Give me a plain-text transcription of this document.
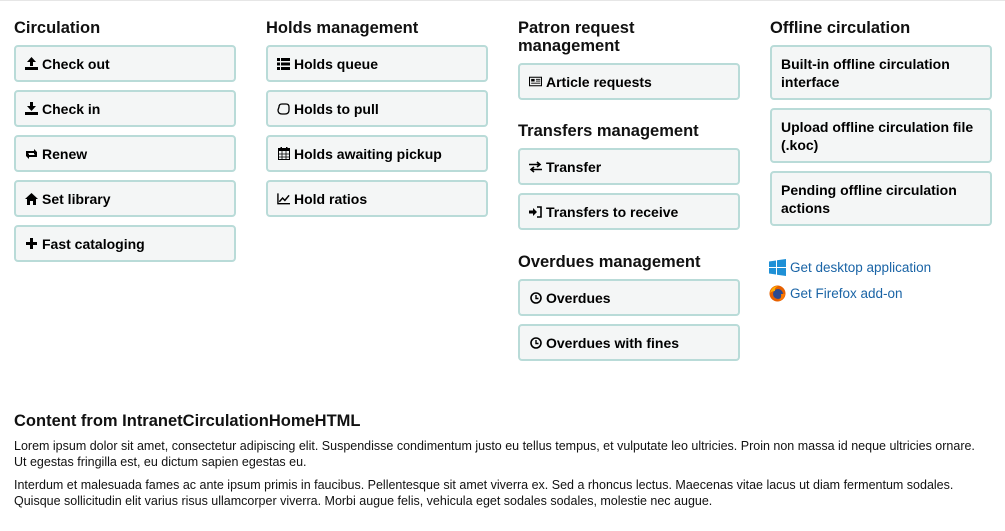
Circulation
Check out
Check in
Renew
Set library
Fast cataloging
Holds management
Holds queue
Holds to pull
Holds awaiting pickup
Hold ratios
Patron request
management
Article requests
Transfers management
Transfer
Transfers to receive
Overdues management
Overdues
Overdues with fines
Offline circulation
Built-in offline circulation
interface
Upload offline circulation file
(.koc)
Pending offline circulation
actions
Get desktop application
Get Firefox add-on
Content from IntranetCirculationHomeHTML

Lorem ipsum dolor sit amet, consectetur adipiscing elit. Suspendisse condimentum justo eu tellus tempus, et vulputate leo ultricies. Proin non massa id neque ultricies ornare. Ut egestas fringilla est, eu dictum sapien egestas eu.

Interdum et malesuada fames ac ante ipsum primis in faucibus. Pellentesque sit amet viverra ex. Sed a rhoncus lectus. Maecenas vitae lacus ut diam fermentum sodales. Quisque sollicitudin elit varius risus ullamcorper viverra. Morbi augue felis, vehicula eget sodales sodales, molestie nec augue.
